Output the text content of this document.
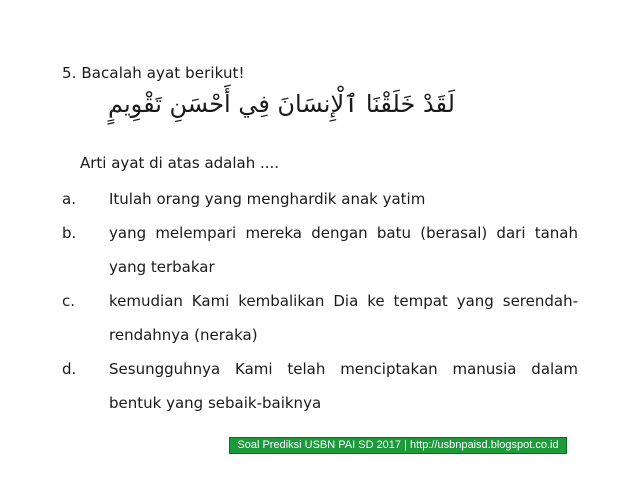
5. Bacalah ayat berikut!
لَقَدْ خَلَقْنَا ٱلْإِنسَانَ فِي أَحْسَنِ تَقْوِيمٍ
Arti ayat di atas adalah ....
a. Itulah orang yang menghardik anak yatim
b. yang melempari mereka dengan batu (berasal) dari tanah yang terbakar
c. kemudian Kami kembalikan Dia ke tempat yang serendah-rendahnya (neraka)
d. Sesungguhnya Kami telah menciptakan manusia dalam bentuk yang sebaik-baiknya
Soal Prediksi USBN PAI SD 2017 | http://usbnpaisd.blogspot.co.id
